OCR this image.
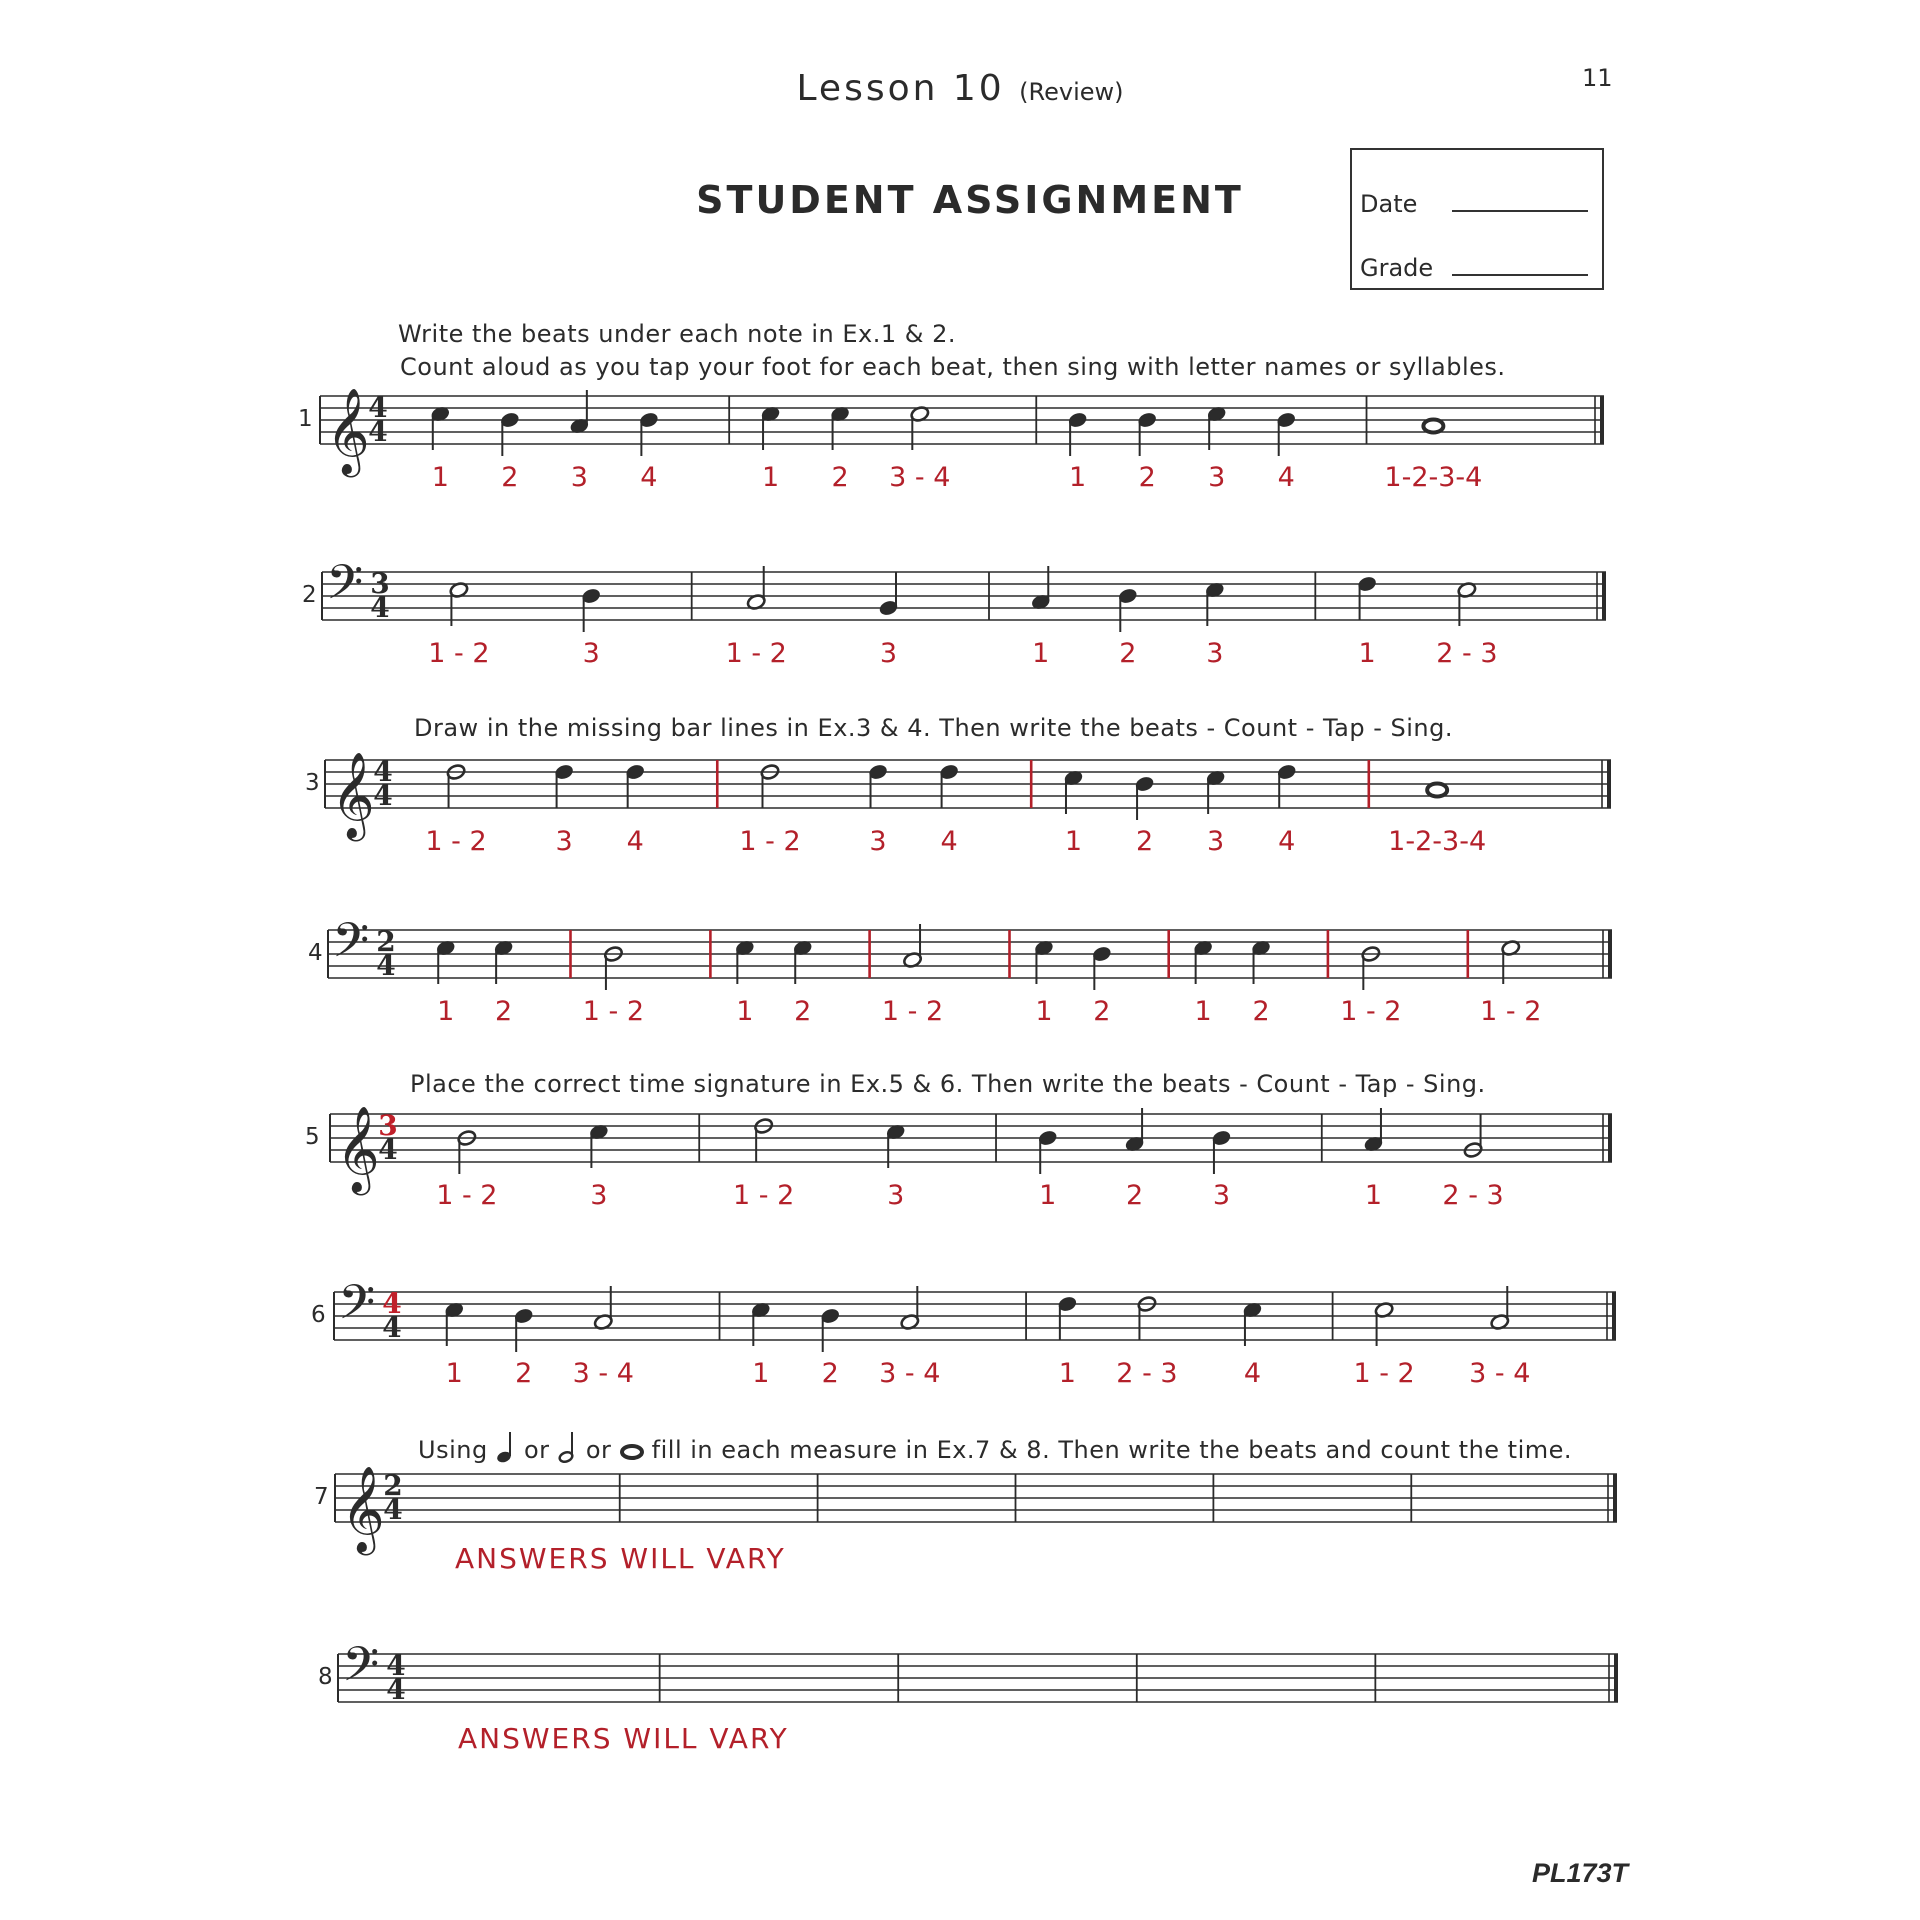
Lesson 10 (Review)	11
STUDENT ASSIGNMENT	Date
Grade
Write the beats under each note in Ex.1 & 2.
Count aloud as you tap your foot for each beat, then sing with letter names or syllables.
Draw in the missing bar lines in Ex.3 & 4. Then write the beats - Count - Tap - Sing.
Place the correct time signature in Ex.5 & 6. Then write the beats - Count - Tap - Sing.
Using or or fill in each measure in Ex.7 & 8. Then write the beats and count the time.
PL173T
𝄞
4
4
𝄢 3
4
𝄞
4
4
𝄢 2
4
𝄞
3
4
𝄢 4
4
𝄞
2
4
𝄢 4
4
1
1 2 3 4	1 2 3 - 4	1 2 3 4	1-2-3-4
2
1 - 2	3	1 - 2	3	1	2	3	1 2 - 3
3
1 - 2	3 4	1 - 2	3 4	1 2 3 4	1-2-3-4
4
1 2	1 - 2	1 2	1 - 2	1 2	1 2	1 - 2	1 - 2
5
1 - 2	3	1 - 2	3	1	2	3	1 2 - 3
6
1 2 3 - 4	1 2 3 - 4	1 2 - 3 4	1 - 2 3 - 4
7
ANSWERS WILL VARY
8
ANSWERS WILL VARY
